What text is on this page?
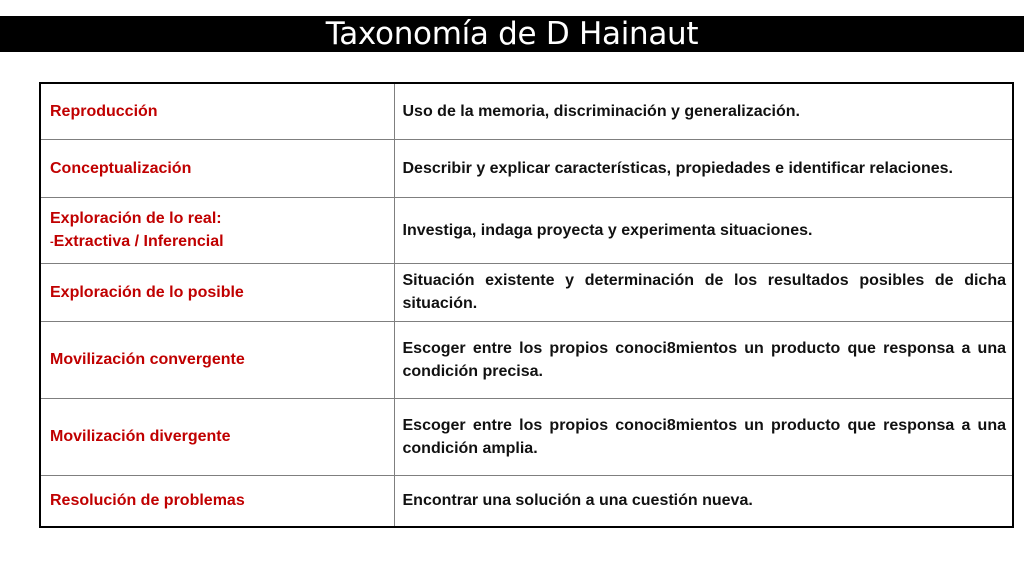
Taxonomía de D Hainaut
Reproducción	Uso de la memoria, discriminación y generalización.
Conceptualización	Describir y explicar características, propiedades e identificar relaciones.

Exploración de lo real:
-Extractiva / Inferencial	Investiga, indaga proyecta y experimenta situaciones.
Exploración de lo posible	Situación existente y determinación de los resultados posibles de dicha situación.
Movilización convergente	Escoger entre los propios conoci8mientos un producto que responsa a una condición precisa.
Movilización divergente	Escoger entre los propios conoci8mientos un producto que responsa a una condición amplia.
Resolución de problemas	Encontrar una solución a una cuestión nueva.
